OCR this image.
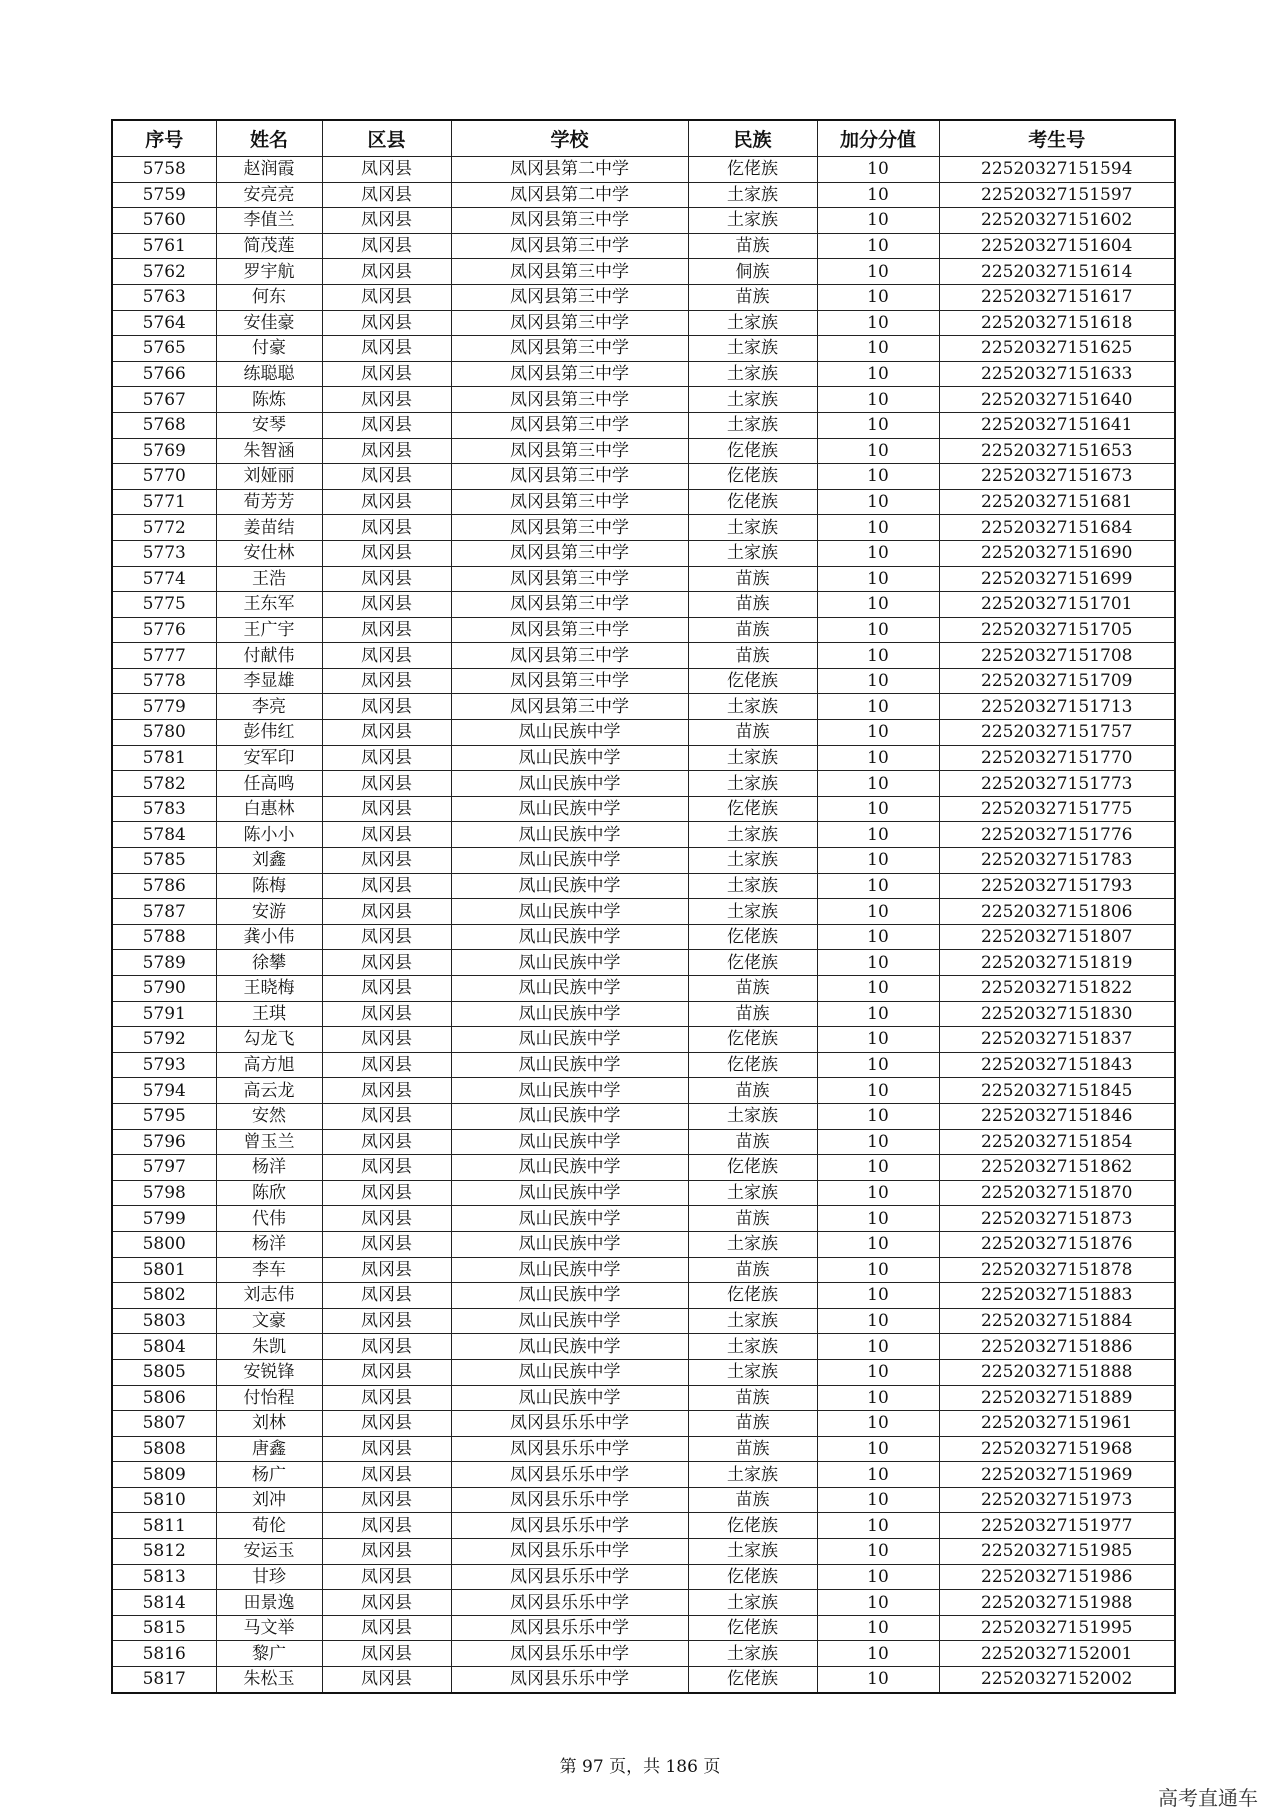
序号	姓名	区县	学校	民族	加分分值	考生号
5758	赵润霞	凤冈县	凤冈县第二中学	仡佬族	10	22520327151594
5759	安亮亮	凤冈县	凤冈县第二中学	土家族	10	22520327151597
5760	李值兰	凤冈县	凤冈县第三中学	土家族	10	22520327151602
5761	简茂莲	凤冈县	凤冈县第三中学	苗族	10	22520327151604
5762	罗宇航	凤冈县	凤冈县第三中学	侗族	10	22520327151614
5763	何东	凤冈县	凤冈县第三中学	苗族	10	22520327151617
5764	安佳豪	凤冈县	凤冈县第三中学	土家族	10	22520327151618
5765	付豪	凤冈县	凤冈县第三中学	土家族	10	22520327151625
5766	练聪聪	凤冈县	凤冈县第三中学	土家族	10	22520327151633
5767	陈炼	凤冈县	凤冈县第三中学	土家族	10	22520327151640
5768	安琴	凤冈县	凤冈县第三中学	土家族	10	22520327151641
5769	朱智涵	凤冈县	凤冈县第三中学	仡佬族	10	22520327151653
5770	刘娅丽	凤冈县	凤冈县第三中学	仡佬族	10	22520327151673
5771	荀芳芳	凤冈县	凤冈县第三中学	仡佬族	10	22520327151681
5772	姜苗结	凤冈县	凤冈县第三中学	土家族	10	22520327151684
5773	安仕林	凤冈县	凤冈县第三中学	土家族	10	22520327151690
5774	王浩	凤冈县	凤冈县第三中学	苗族	10	22520327151699
5775	王东军	凤冈县	凤冈县第三中学	苗族	10	22520327151701
5776	王广宇	凤冈县	凤冈县第三中学	苗族	10	22520327151705
5777	付献伟	凤冈县	凤冈县第三中学	苗族	10	22520327151708
5778	李显雄	凤冈县	凤冈县第三中学	仡佬族	10	22520327151709
5779	李亮	凤冈县	凤冈县第三中学	土家族	10	22520327151713
5780	彭伟红	凤冈县	凤山民族中学	苗族	10	22520327151757
5781	安军印	凤冈县	凤山民族中学	土家族	10	22520327151770
5782	任高鸣	凤冈县	凤山民族中学	土家族	10	22520327151773
5783	白惠林	凤冈县	凤山民族中学	仡佬族	10	22520327151775
5784	陈小小	凤冈县	凤山民族中学	土家族	10	22520327151776
5785	刘鑫	凤冈县	凤山民族中学	土家族	10	22520327151783
5786	陈梅	凤冈县	凤山民族中学	土家族	10	22520327151793
5787	安游	凤冈县	凤山民族中学	土家族	10	22520327151806
5788	龚小伟	凤冈县	凤山民族中学	仡佬族	10	22520327151807
5789	徐攀	凤冈县	凤山民族中学	仡佬族	10	22520327151819
5790	王晓梅	凤冈县	凤山民族中学	苗族	10	22520327151822
5791	王琪	凤冈县	凤山民族中学	苗族	10	22520327151830
5792	勾龙飞	凤冈县	凤山民族中学	仡佬族	10	22520327151837
5793	高方旭	凤冈县	凤山民族中学	仡佬族	10	22520327151843
5794	高云龙	凤冈县	凤山民族中学	苗族	10	22520327151845
5795	安然	凤冈县	凤山民族中学	土家族	10	22520327151846
5796	曾玉兰	凤冈县	凤山民族中学	苗族	10	22520327151854
5797	杨洋	凤冈县	凤山民族中学	仡佬族	10	22520327151862
5798	陈欣	凤冈县	凤山民族中学	土家族	10	22520327151870
5799	代伟	凤冈县	凤山民族中学	苗族	10	22520327151873
5800	杨洋	凤冈县	凤山民族中学	土家族	10	22520327151876
5801	李车	凤冈县	凤山民族中学	苗族	10	22520327151878
5802	刘志伟	凤冈县	凤山民族中学	仡佬族	10	22520327151883
5803	文豪	凤冈县	凤山民族中学	土家族	10	22520327151884
5804	朱凯	凤冈县	凤山民族中学	土家族	10	22520327151886
5805	安锐锋	凤冈县	凤山民族中学	土家族	10	22520327151888
5806	付怡程	凤冈县	凤山民族中学	苗族	10	22520327151889
5807	刘林	凤冈县	凤冈县乐乐中学	苗族	10	22520327151961
5808	唐鑫	凤冈县	凤冈县乐乐中学	苗族	10	22520327151968
5809	杨广	凤冈县	凤冈县乐乐中学	土家族	10	22520327151969
5810	刘冲	凤冈县	凤冈县乐乐中学	苗族	10	22520327151973
5811	荀伦	凤冈县	凤冈县乐乐中学	仡佬族	10	22520327151977
5812	安运玉	凤冈县	凤冈县乐乐中学	土家族	10	22520327151985
5813	甘珍	凤冈县	凤冈县乐乐中学	仡佬族	10	22520327151986
5814	田景逸	凤冈县	凤冈县乐乐中学	土家族	10	22520327151988
5815	马文举	凤冈县	凤冈县乐乐中学	仡佬族	10	22520327151995
5816	黎广	凤冈县	凤冈县乐乐中学	土家族	10	22520327152001
5817	朱松玉	凤冈县	凤冈县乐乐中学	仡佬族	10	22520327152002
第 97 页，共 186 页
高考直通车
